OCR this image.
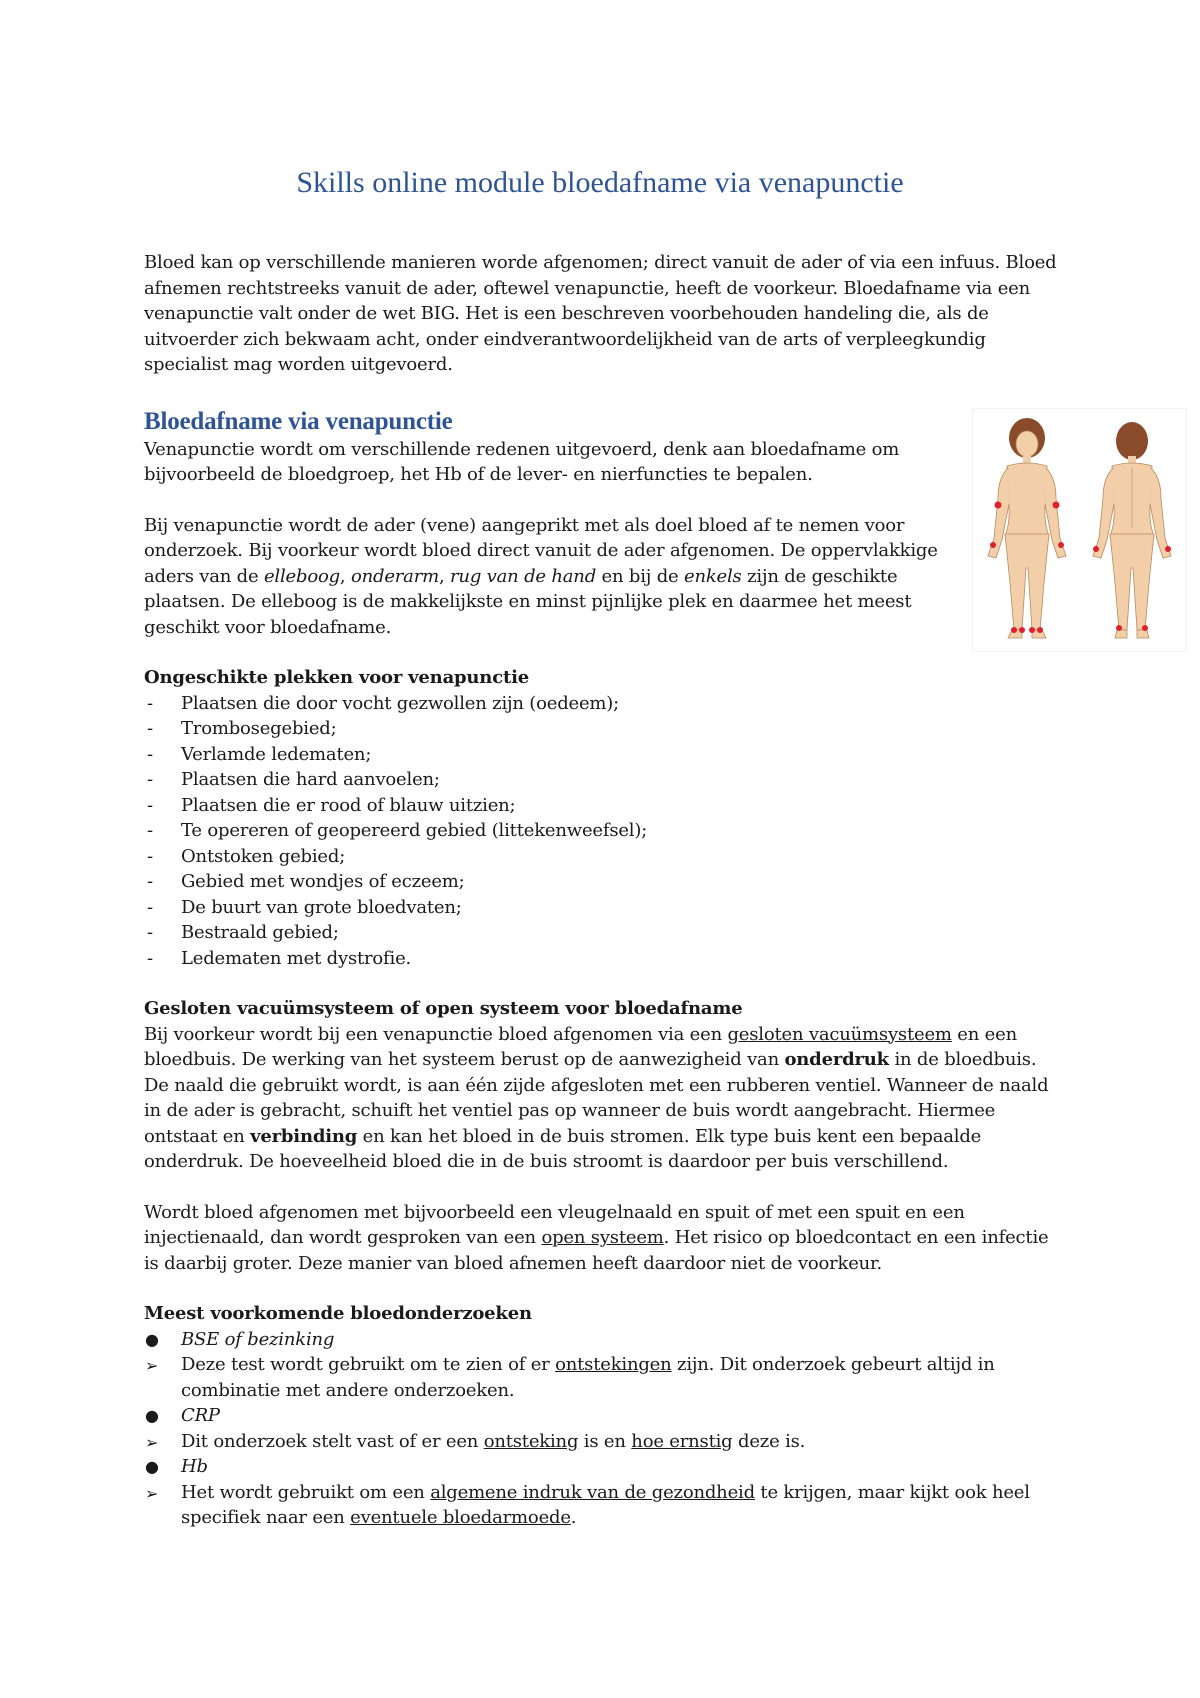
Skills online module bloedafname via venapunctie

Bloed kan op verschillende manieren worde afgenomen; direct vanuit de ader of via een infuus. Bloed afnemen rechtstreeks vanuit de ader, oftewel venapunctie, heeft de voorkeur. Bloedafname via een venapunctie valt onder de wet BIG. Het is een beschreven voorbehouden handeling die, als de uitvoerder zich bekwaam acht, onder eindverantwoordelijkheid van de arts of verpleegkundig specialist mag worden uitgevoerd.

Bloedafname via venapunctie

Venapunctie wordt om verschillende redenen uitgevoerd, denk aan bloedafname om bijvoorbeeld de bloedgroep, het Hb of de lever- en nierfuncties te bepalen.

Bij venapunctie wordt de ader (vene) aangeprikt met als doel bloed af te nemen voor onderzoek. Bij voorkeur wordt bloed direct vanuit de ader afgenomen. De oppervlakkige aders van de elleboog, onderarm, rug van de hand en bij de enkels zijn de geschikte plaatsen. De elleboog is de makkelijkste en minst pijnlijke plek en daarmee het meest geschikt voor bloedafname.

Ongeschikte plekken voor venapunctie

- Plaatsen die door vocht gezwollen zijn (oedeem);
- Trombosegebied;
- Verlamde ledematen;
- Plaatsen die hard aanvoelen;
- Plaatsen die er rood of blauw uitzien;
- Te opereren of geopereerd gebied (littekenweefsel);
- Ontstoken gebied;
- Gebied met wondjes of eczeem;
- De buurt van grote bloedvaten;
- Bestraald gebied;
- Ledematen met dystrofie.

Gesloten vacuümsysteem of open systeem voor bloedafname

Bij voorkeur wordt bij een venapunctie bloed afgenomen via een gesloten vacuümsysteem en een bloedbuis. De werking van het systeem berust op de aanwezigheid van onderdruk in de bloedbuis. De naald die gebruikt wordt, is aan één zijde afgesloten met een rubberen ventiel. Wanneer de naald in de ader is gebracht, schuift het ventiel pas op wanneer de buis wordt aangebracht. Hiermee ontstaat en verbinding en kan het bloed in de buis stromen. Elk type buis kent een bepaalde onderdruk. De hoeveelheid bloed die in de buis stroomt is daardoor per buis verschillend.

Wordt bloed afgenomen met bijvoorbeeld een vleugelnaald en spuit of met een spuit en een injectienaald, dan wordt gesproken van een open systeem. Het risico op bloedcontact en een infectie is daarbij groter. Deze manier van bloed afnemen heeft daardoor niet de voorkeur.

Meest voorkomende bloedonderzoeken

● BSE of bezinking
➢ Deze test wordt gebruikt om te zien of er ontstekingen zijn. Dit onderzoek gebeurt altijd in combinatie met andere onderzoeken.
● CRP
➢ Dit onderzoek stelt vast of er een ontsteking is en hoe ernstig deze is.
● Hb
➢ Het wordt gebruikt om een algemene indruk van de gezondheid te krijgen, maar kijkt ook heel specifiek naar een eventuele bloedarmoede.
